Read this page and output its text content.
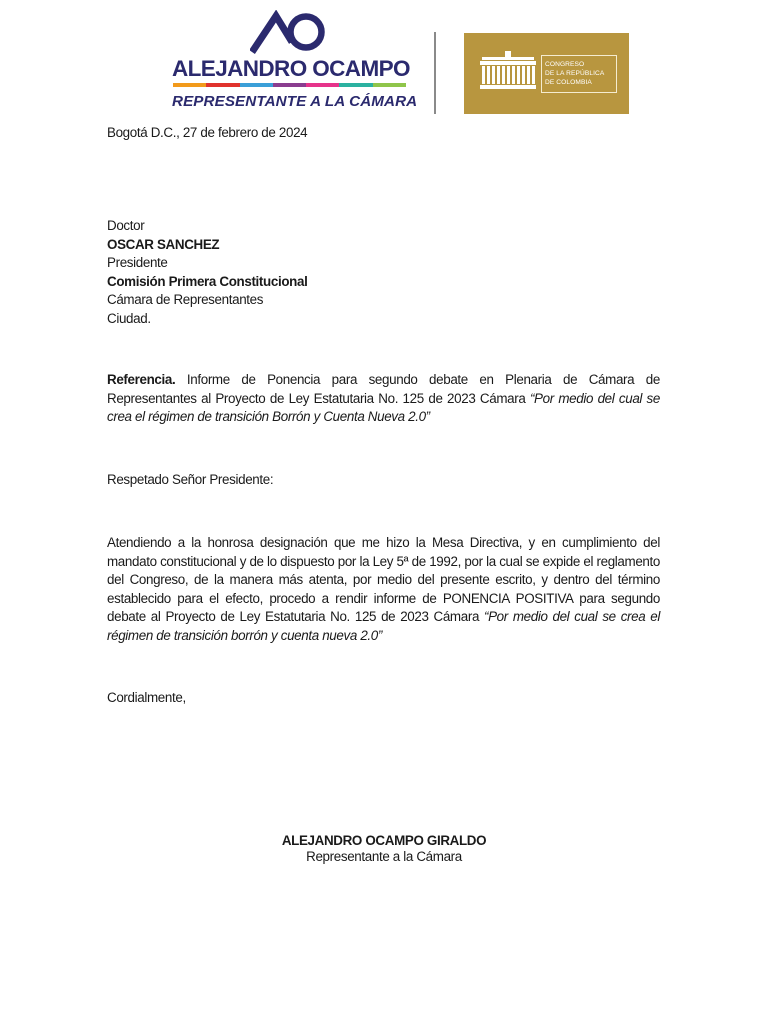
ALEJANDRO OCAMPO
REPRESENTANTE A LA CÁMARA
CONGRESO
DE LA REPÚBLICA
DE COLOMBIA
Bogotá D.C., 27 de febrero de 2024
Doctor
OSCAR SANCHEZ
Presidente
Comisión Primera Constitucional
Cámara de Representantes
Ciudad.
Referencia. Informe de Ponencia para segundo debate en Plenaria de Cámara de Representantes al Proyecto de Ley Estatutaria No. 125 de 2023 Cámara “Por medio del cual se crea el régimen de transición Borrón y Cuenta Nueva 2.0”
Respetado Señor Presidente:
Atendiendo a la honrosa designación que me hizo la Mesa Directiva, y en cumplimiento del mandato constitucional y de lo dispuesto por la Ley 5ª de 1992, por la cual se expide el reglamento del Congreso, de la manera más atenta, por medio del presente escrito, y dentro del término establecido para el efecto, procedo a rendir informe de PONENCIA POSITIVA para segundo debate al Proyecto de Ley Estatutaria No. 125 de 2023 Cámara “Por medio del cual se crea el régimen de transición borrón y cuenta nueva 2.0”
Cordialmente,
ALEJANDRO OCAMPO GIRALDO
Representante a la Cámara
